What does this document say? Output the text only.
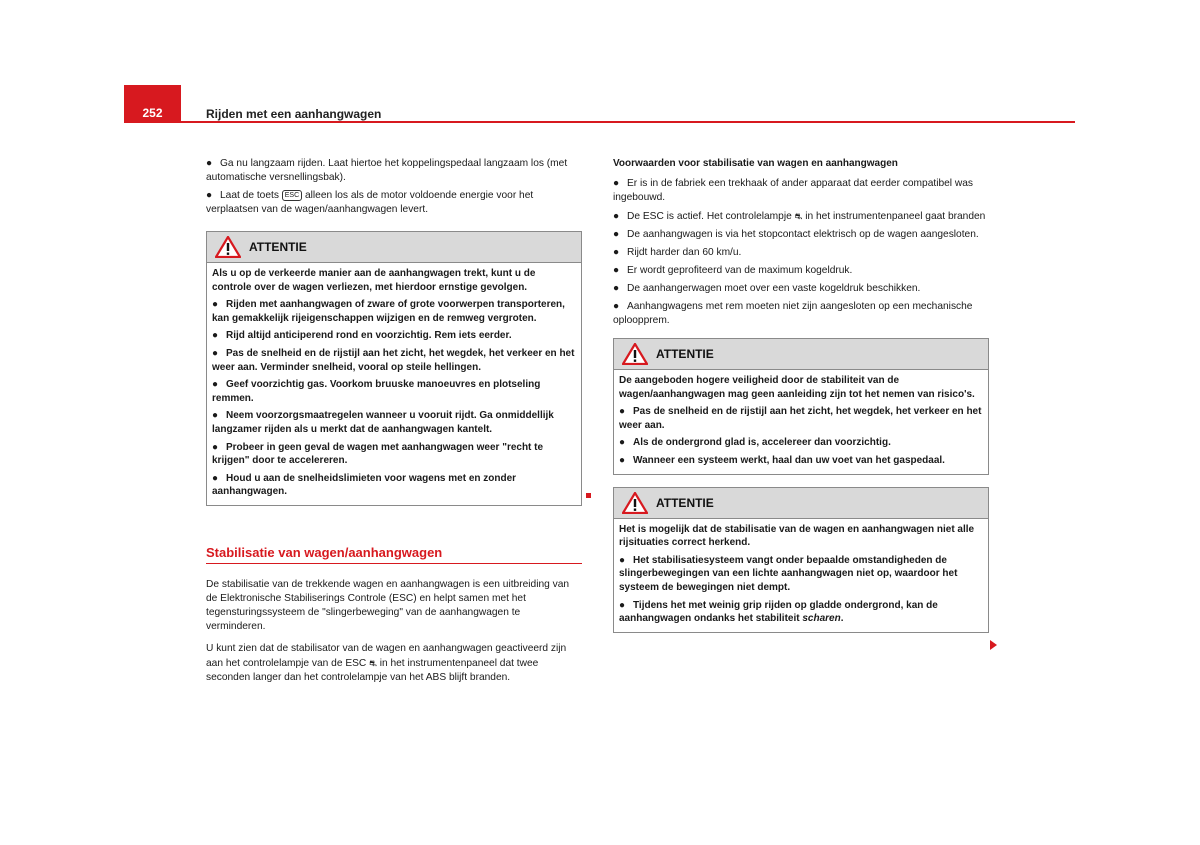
252	Rijden met een aanhangwagen

● Ga nu langzaam rijden. Laat hiertoe het koppelingspedaal langzaam los (met automatische versnellingsbak).

● Laat de toets ESC alleen los als de motor voldoende energie voor het verplaatsen van de wagen/aanhangwagen levert.

ATTENTIE

Als u op de verkeerde manier aan de aanhangwagen trekt, kunt u de controle over de wagen verliezen, met hierdoor ernstige gevolgen.

● Rijden met aanhangwagen of zware of grote voorwerpen transporteren, kan gemakkelijk rijeigenschappen wijzigen en de remweg vergroten.

● Rijd altijd anticiperend rond en voorzichtig. Rem iets eerder.

● Pas de snelheid en de rijstijl aan het zicht, het wegdek, het verkeer en het weer aan. Verminder snelheid, vooral op steile hellingen.

● Geef voorzichtig gas. Voorkom bruuske manoeuvres en plotseling remmen.

● Neem voorzorgsmaatregelen wanneer u vooruit rijdt. Ga onmiddellijk langzamer rijden als u merkt dat de aanhangwagen kantelt.

● Probeer in geen geval de wagen met aanhangwagen weer "recht te krijgen" door te accelereren.

● Houd u aan de snelheidslimieten voor wagens met en zonder aanhangwagen.

Stabilisatie van wagen/aanhangwagen

De stabilisatie van de trekkende wagen en aanhangwagen is een uitbreiding van de Elektronische Stabiliserings Controle (ESC) en helpt samen met het tegensturingssysteem de "slingerbeweging" van de aanhangwagen te verminderen.

U kunt zien dat de stabilisator van de wagen en aanhangwagen geactiveerd zijn aan het controlelampje van de ESC ⛐ in het instrumentenpaneel dat twee seconden langer dan het controlelampje van het ABS blijft branden.

Voorwaarden voor stabilisatie van wagen en aanhangwagen

● Er is in de fabriek een trekhaak of ander apparaat dat eerder compatibel was ingebouwd.

● De ESC is actief. Het controlelampje ⛐ in het instrumentenpaneel gaat branden

● De aanhangwagen is via het stopcontact elektrisch op de wagen aangesloten.

● Rijdt harder dan 60 km/u.

● Er wordt geprofiteerd van de maximum kogeldruk.

● De aanhangerwagen moet over een vaste kogeldruk beschikken.

● Aanhangwagens met rem moeten niet zijn aangesloten op een mechanische oploopprem.

ATTENTIE

De aangeboden hogere veiligheid door de stabiliteit van de wagen/aanhangwagen mag geen aanleiding zijn tot het nemen van risico's.

● Pas de snelheid en de rijstijl aan het zicht, het wegdek, het verkeer en het weer aan.

● Als de ondergrond glad is, accelereer dan voorzichtig.

● Wanneer een systeem werkt, haal dan uw voet van het gaspedaal.

ATTENTIE

Het is mogelijk dat de stabilisatie van de wagen en aanhangwagen niet alle rijsituaties correct herkend.

● Het stabilisatiesysteem vangt onder bepaalde omstandigheden de slingerbewegingen van een lichte aanhangwagen niet op, waardoor het systeem de bewegingen niet dempt.

● Tijdens het met weinig grip rijden op gladde ondergrond, kan de aanhangwagen ondanks het stabiliteit scharen.
